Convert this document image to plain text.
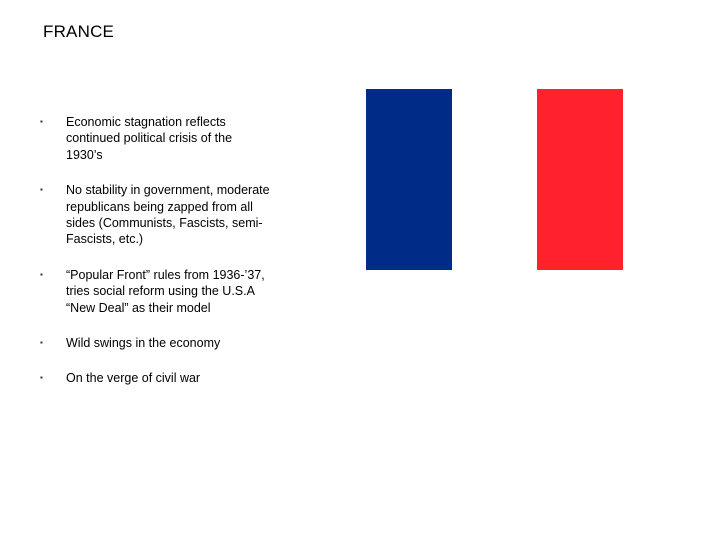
FRANCE
▪	Economic stagnation reflects continued political crisis of the 1930’s
▪	No stability in government, moderate republicans being zapped from all sides (Communists, Fascists, semi-Fascists, etc.)
▪	“Popular Front” rules from 1936-’37, tries social reform using the U.S.A “New Deal” as their model
▪	Wild swings in the economy
▪	On the verge of civil war
